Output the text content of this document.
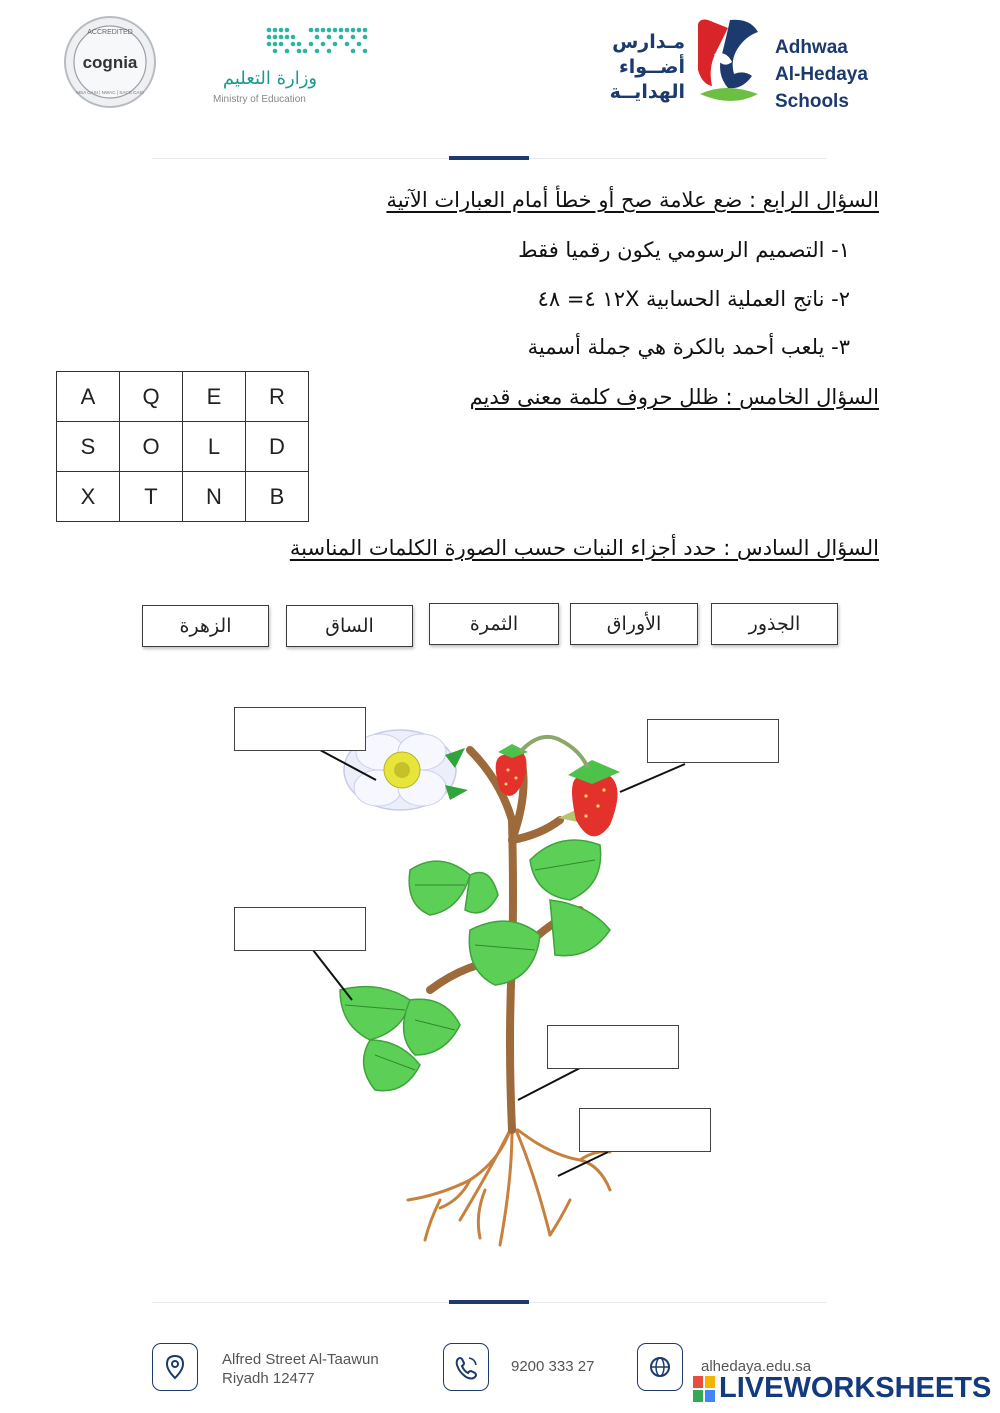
ACCREDITED
cognia
MSA CASI | NWAC | SACS CASI
وزارة التعليم
Ministry of Education
مـدارس
أضــواء
الهدايــة
Adhwaa
Al-Hedaya
Schools
السؤال الرابع : ضع علامة صح أو خطأ أمام العبارات الآتية
١- التصميم الرسومي يكون رقميا فقط
٢- ناتج العملية الحسابية ١٢X ٤= ٤٨
٣- يلعب أحمد بالكرة هي جملة أسمية
السؤال الخامس : ظلل حروف كلمة معنى قديم
A	Q	E	R
S	O	L	D
X	T	N	B
السؤال السادس : حدد أجزاء النبات حسب الصورة الكلمات المناسبة
الزهرة	الساق	الثمرة	الأوراق	الجذور
Alfred Street Al-Taawun
Riyadh 12477
9200 333 27	alhedaya.edu.sa
LIVEWORKSHEETS
